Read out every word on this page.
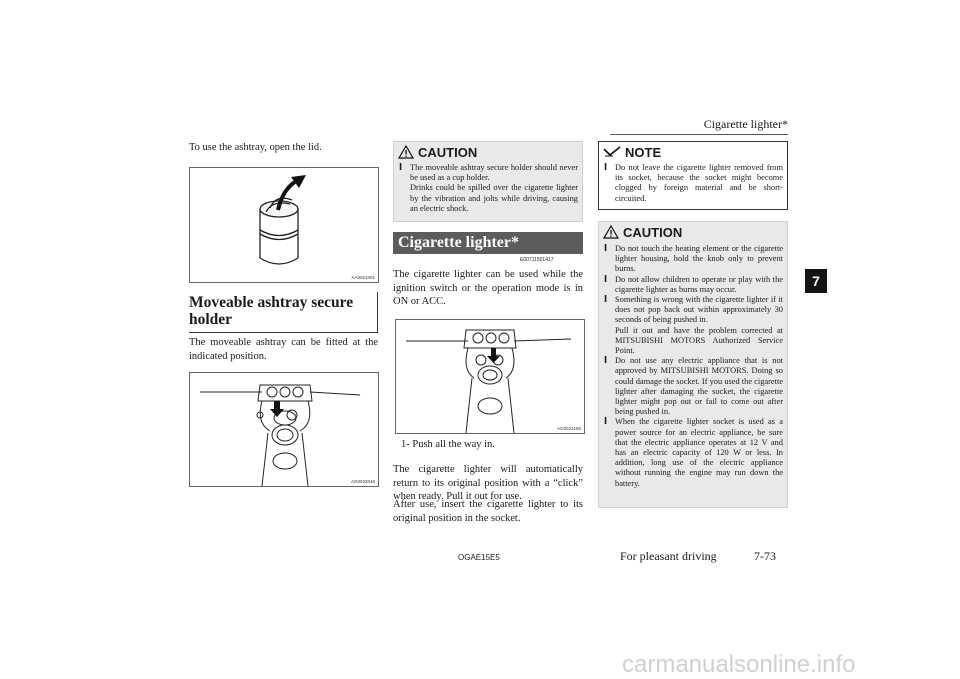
Cigarette lighter*
7
To use the ashtray, open the lid.
AA0021001
Moveable ashtray secure holder
The moveable ashtray can be fitted at the indicated position.
AG0022048
CAUTION
l The moveable ashtray secure holder should never be used as a cup holder.
Drinks could be spilled over the cigarette lighter by the vibration and jolts while driving, causing an electric shock.
Cigarette lighter*
E00711501417
The cigarette lighter can be used while the ignition switch or the operation mode is in ON or ACC.
AG0022166
1- Push all the way in.
The cigarette lighter will automatically return to its original position with a “click” when ready. Pull it out for use.
After use, insert the cigarette lighter to its original position in the socket.
NOTE
l Do not leave the cigarette lighter removed from its socket, because the socket might become clogged by foreign material and be short-circuited.
CAUTION
l Do not touch the heating element or the cigarette lighter housing, hold the knob only to prevent burns.
l Do not allow children to operate or play with the cigarette lighter as burns may occur.
l Something is wrong with the cigarette lighter if it does not pop back out within approximately 30 seconds of being pushed in.
Pull it out and have the problem corrected at MITSUBISHI MOTORS Authorized Service Point.
l Do not use any electric appliance that is not approved by MITSUBISHI MOTORS. Doing so could damage the socket. If you used the cigarette lighter after damaging the socket, the cigarette lighter might pop out or fail to come out after being pushed in.
l When the cigarette lighter socket is used as a power source for an electric appliance, be sure that the electric appliance operates at 12 V and has an electric capacity of 120 W or less. In addition, long use of the electric appliance without running the engine may run down the battery.
OGAE15E5	For pleasant driving	7-73
carmanualsonline.info
